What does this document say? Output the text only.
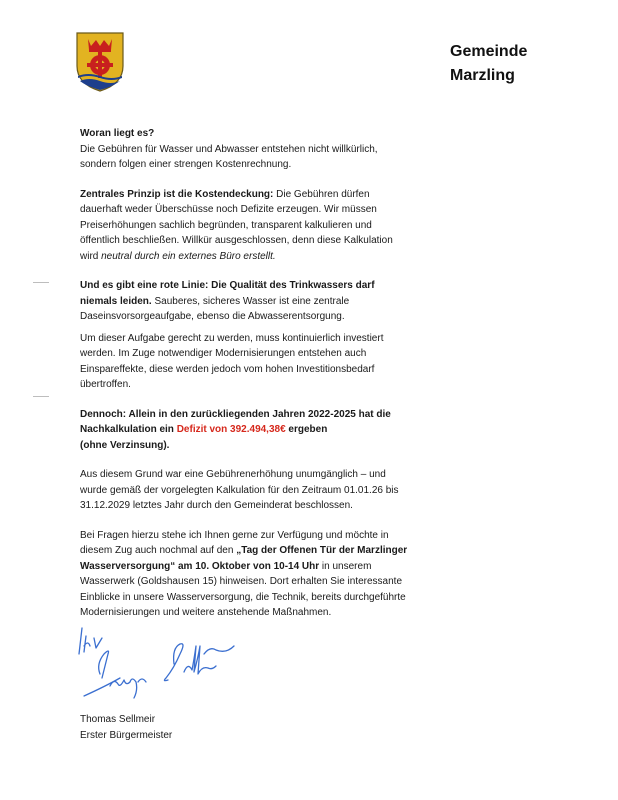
Gemeinde
Marzling

Woran liegt es?
Die Gebühren für Wasser und Abwasser entstehen nicht willkürlich, sondern folgen einer strengen Kostenrechnung.

Zentrales Prinzip ist die Kostendeckung: Die Gebühren dürfen dauerhaft weder Überschüsse noch Defizite erzeugen. Wir müssen Preiserhöhungen sachlich begründen, transparent kalkulieren und öffentlich beschließen. Willkür ausgeschlossen, denn diese Kalkulation wird neutral durch ein externes Büro erstellt.

Und es gibt eine rote Linie: Die Qualität des Trinkwassers darf niemals leiden. Sauberes, sicheres Wasser ist eine zentrale Daseinsvorsorgeaufgabe, ebenso die Abwasserentsorgung.

Um dieser Aufgabe gerecht zu werden, muss kontinuierlich investiert werden. Im Zuge notwendiger Modernisierungen entstehen auch Einspareffekte, diese werden jedoch vom hohen Investitionsbedarf übertroffen.

Dennoch: Allein in den zurückliegenden Jahren 2022-2025 hat die Nachkalkulation ein Defizit von 392.494,38€ ergeben
(ohne Verzinsung).

Aus diesem Grund war eine Gebührenerhöhung unumgänglich – und wurde gemäß der vorgelegten Kalkulation für den Zeitraum 01.01.26 bis 31.12.2029 letztes Jahr durch den Gemeinderat beschlossen.

Bei Fragen hierzu stehe ich Ihnen gerne zur Verfügung und möchte in diesem Zug auch nochmal auf den „Tag der Offenen Tür der Marzlinger Wasserversorgung“ am 10. Oktober von 10-14 Uhr in unserem Wasserwerk (Goldshausen 15) hinweisen. Dort erhalten Sie interessante Einblicke in unsere Wasserversorgung, die Technik, bereits durchgeführte Modernisierungen und weitere anstehende Maßnahmen.

Thomas Sellmeir
Erster Bürgermeister
